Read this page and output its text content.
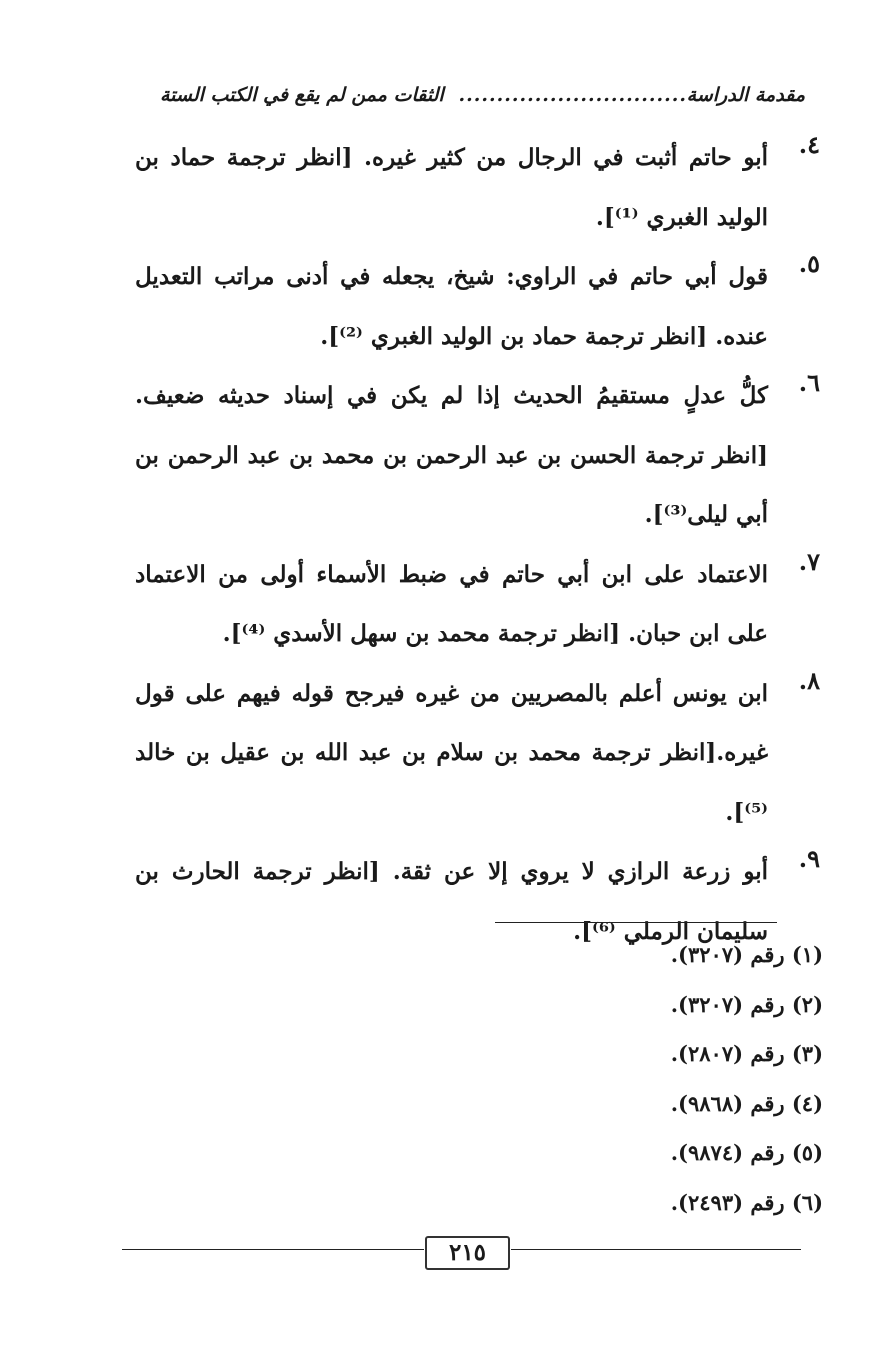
مقدمة الدراسة
..............................
الثقات ممن لم يقع في الكتب الستة
٤.
أبو حاتم أثبت في الرجال من كثير غيره. [انظر ترجمة حماد بن الوليد الغبري ⁽¹⁾].
٥.
قول أبي حاتم في الراوي: شيخ، يجعله في أدنى مراتب التعديل عنده. [انظر ترجمة حماد بن الوليد الغبري ⁽²⁾].
٦.
كلُّ عدلٍ مستقيمُ الحديث إذا لم يكن في إسناد حديثه ضعيف. [انظر ترجمة الحسن بن عبد الرحمن بن محمد بن عبد الرحمن بن أبي ليلى⁽³⁾].
٧.
الاعتماد على ابن أبي حاتم في ضبط الأسماء أولى من الاعتماد على ابن حبان. [انظر ترجمة محمد بن سهل الأسدي ⁽⁴⁾].
٨.
ابن يونس أعلم بالمصريين من غيره فيرجح قوله فيهم على قول غيره.[انظر ترجمة محمد بن سلام بن عبد الله بن عقيل بن خالد ⁽⁵⁾].
٩.
أبو زرعة الرازي لا يروي إلا عن ثقة. [انظر ترجمة الحارث بن سليمان الرملي ⁽⁶⁾].
(١) رقم (٣٢٠٧).
(٢) رقم (٣٢٠٧).
(٣) رقم (٢٨٠٧).
(٤) رقم (٩٨٦٨).
(٥) رقم (٩٨٧٤).
(٦) رقم (٢٤٩٣).
٢١٥
